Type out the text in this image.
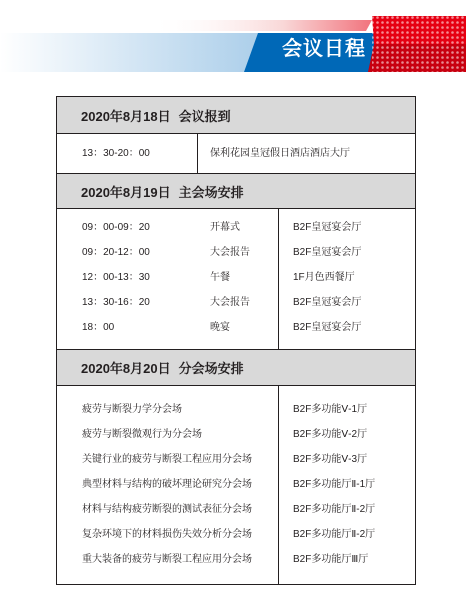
会议日程
2020年8月18日 会议报到
13：30-20：00	保利花园皇冠假日酒店酒店大厅
2020年8月19日 主会场安排
09：00-09：20	开幕式	B2F皇冠宴会厅
09：20-12：00	大会报告	B2F皇冠宴会厅
12：00-13：30	午餐	1F月色西餐厅
13：30-16：20	大会报告	B2F皇冠宴会厅
18：00	晚宴	B2F皇冠宴会厅
2020年8月20日 分会场安排
疲劳与断裂力学分会场	B2F多功能Ⅴ-1厅
疲劳与断裂微观行为分会场	B2F多功能Ⅴ-2厅
关键行业的疲劳与断裂工程应用分会场	B2F多功能Ⅴ-3厅
典型材料与结构的破坏理论研究分会场	B2F多功能厅Ⅱ-1厅
材料与结构疲劳断裂的测试表征分会场	B2F多功能厅Ⅱ-2厅
复杂环境下的材料损伤失效分析分会场	B2F多功能厅Ⅱ-2厅
重大装备的疲劳与断裂工程应用分会场	B2F多功能厅Ⅲ厅
